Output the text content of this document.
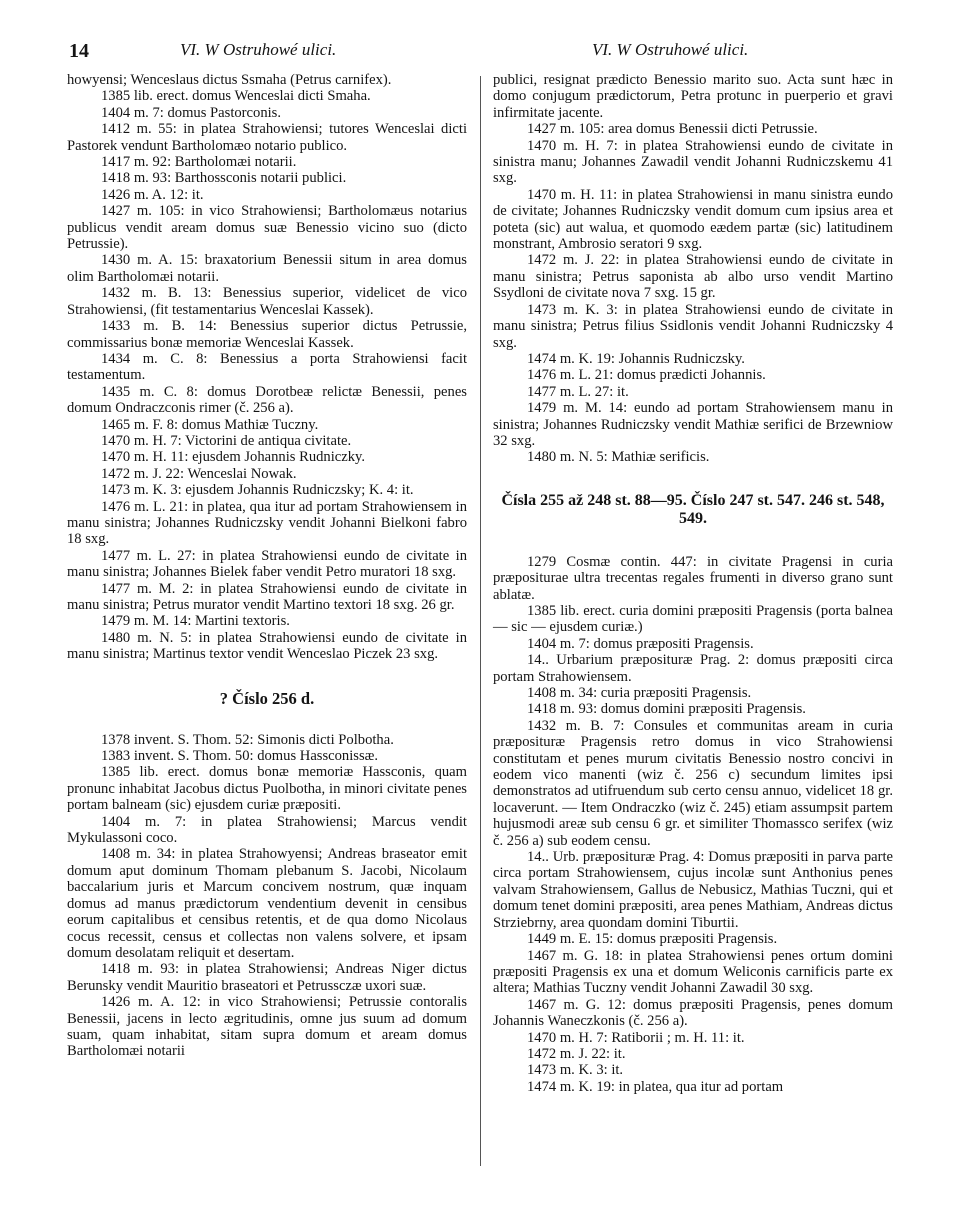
14	VI. W Ostruhowé ulici.	VI. W Ostruhowé ulici.

howyensi; Wenceslaus dictus Ssmaha (Petrus carnifex).

1385 lib. erect. domus Wenceslai dicti Smaha.

1404 m. 7: domus Pastorconis.

1412 m. 55: in platea Strahowiensi; tutores Wenceslai dicti Pastorek vendunt Bartholomæo notario publico.

1417 m. 92: Bartholomæi notarii.

1418 m. 93: Barthossconis notarii publici.

1426 m. A. 12: it.

1427 m. 105: in vico Strahowiensi; Bartholomæus notarius publicus vendit aream domus suæ Benessio vicino suo (dicto Petrussie).

1430 m. A. 15: braxatorium Benessii situm in area domus olim Bartholomæi notarii.

1432 m. B. 13: Benessius superior, videlicet de vico Strahowiensi, (fit testamentarius Wenceslai Kassek).

1433 m. B. 14: Benessius superior dictus Petrussie, commissarius bonæ memoriæ Wenceslai Kassek.

1434 m. C. 8: Benessius a porta Strahowiensi facit testamentum.

1435 m. C. 8: domus Dorotbeæ relictæ Benessii, penes domum Ondraczconis rimer (č. 256 a).

1465 m. F. 8: domus Mathiæ Tuczny.

1470 m. H. 7: Victorini de antiqua civitate.

1470 m. H. 11: ejusdem Johannis Rudniczky.

1472 m. J. 22: Wenceslai Nowak.

1473 m. K. 3: ejusdem Johannis Rudniczsky; K. 4: it.

1476 m. L. 21: in platea, qua itur ad portam Strahowiensem in manu sinistra; Johannes Rudniczsky vendit Johanni Bielkoni fabro 18 sxg.

1477 m. L. 27: in platea Strahowiensi eundo de civitate in manu sinistra; Johannes Bielek faber vendit Petro muratori 18 sxg.

1477 m. M. 2: in platea Strahowiensi eundo de civitate in manu sinistra; Petrus murator vendit Martino textori 18 sxg. 26 gr.

1479 m. M. 14: Martini textoris.

1480 m. N. 5: in platea Strahowiensi eundo de civitate in manu sinistra; Martinus textor vendit Wenceslao Piczek 23 sxg.

? Číslo 256 d.

1378 invent. S. Thom. 52: Simonis dicti Polbotha.

1383 invent. S. Thom. 50: domus Hassconissæ.

1385 lib. erect. domus bonæ memoriæ Hassconis, quam pronunc inhabitat Jacobus dictus Puolbotha, in minori civitate penes portam balneam (sic) ejusdem curiæ præpositi.

1404 m. 7: in platea Strahowiensi; Marcus vendit Mykulassoni coco.

1408 m. 34: in platea Strahowyensi; Andreas braseator emit domum aput dominum Thomam plebanum S. Jacobi, Nicolaum baccalarium juris et Marcum concivem nostrum, quæ inquam domus ad manus prædictorum vendentium devenit in censibus eorum capitalibus et censibus retentis, et de qua domo Nicolaus cocus recessit, census et collectas non valens solvere, et ipsam domum desolatam reliquit et desertam.

1418 m. 93: in platea Strahowiensi; Andreas Niger dictus Berunsky vendit Mauritio braseatori et Petrussczæ uxori suæ.

1426 m. A. 12: in vico Strahowiensi; Petrussie contoralis Benessii, jacens in lecto ægritudinis, omne jus suum ad domum suam, quam inhabitat, sitam supra domum et aream domus Bartholomæi notarii

publici, resignat prædicto Benessio marito suo. Acta sunt hæc in domo conjugum prædictorum, Petra protunc in puerperio et gravi infirmitate jacente.

1427 m. 105: area domus Benessii dicti Petrussie.

1470 m. H. 7: in platea Strahowiensi eundo de civitate in sinistra manu; Johannes Zawadil vendit Johanni Rudniczskemu 41 sxg.

1470 m. H. 11: in platea Strahowiensi in manu sinistra eundo de civitate; Johannes Rudniczsky vendit domum cum ipsius area et poteta (sic) aut walua, et quomodo eædem partæ (sic) latitudinem monstrant, Ambrosio seratori 9 sxg.

1472 m. J. 22: in platea Strahowiensi eundo de civitate in manu sinistra; Petrus saponista ab albo urso vendit Martino Ssydloni de civitate nova 7 sxg. 15 gr.

1473 m. K. 3: in platea Strahowiensi eundo de civitate in manu sinistra; Petrus filius Ssidlonis vendit Johanni Rudniczsky 4 sxg.

1474 m. K. 19: Johannis Rudniczsky.

1476 m. L. 21: domus prædicti Johannis.

1477 m. L. 27: it.

1479 m. M. 14: eundo ad portam Strahowiensem manu in sinistra; Johannes Rudniczsky vendit Mathiæ serifici de Brzewniow 32 sxg.

1480 m. N. 5: Mathiæ serificis.

Čísla 255 až 248 st. 88—95. Číslo 247 st. 547. 246 st. 548, 549.

1279 Cosmæ contin. 447: in civitate Pragensi in curia præpositurae ultra trecentas regales frumenti in diverso grano sunt ablatæ.

1385 lib. erect. curia domini præpositi Pragensis (porta balnea — sic — ejusdem curiæ.)

1404 m. 7: domus præpositi Pragensis.

14.. Urbarium præposituræ Prag. 2: domus præpositi circa portam Strahowiensem.

1408 m. 34: curia præpositi Pragensis.

1418 m. 93: domus domini præpositi Pragensis.

1432 m. B. 7: Consules et communitas aream in curia præposituræ Pragensis retro domus in vico Strahowiensi constitutam et penes murum civitatis Benessio nostro concivi in eodem vico manenti (wiz č. 256 c) secundum limites ipsi demonstratos ad utifruendum sub certo censu annuo, videlicet 18 gr. locaverunt. — Item Ondraczko (wiz č. 245) etiam assumpsit partem hujusmodi areæ sub censu 6 gr. et similiter Thomassco serifex (wiz č. 256 a) sub eodem censu.

14.. Urb. præposituræ Prag. 4: Domus præpositi in parva parte circa portam Strahowiensem, cujus incolæ sunt Anthonius penes valvam Strahowiensem, Gallus de Nebusicz, Mathias Tuczni, qui et domum tenet domini præpositi, area penes Mathiam, Andreas dictus Strziebrny, area quondam domini Tiburtii.

1449 m. E. 15: domus præpositi Pragensis.

1467 m. G. 18: in platea Strahowiensi penes ortum domini præpositi Pragensis ex una et domum Weliconis carnificis parte ex altera; Mathias Tuczny vendit Johanni Zawadil 30 sxg.

1467 m. G. 12: domus præpositi Pragensis, penes domum Johannis Waneczkonis (č. 256 a).

1470 m. H. 7: Ratiborii ; m. H. 11: it.

1472 m. J. 22: it.

1473 m. K. 3: it.

1474 m. K. 19: in platea, qua itur ad portam
